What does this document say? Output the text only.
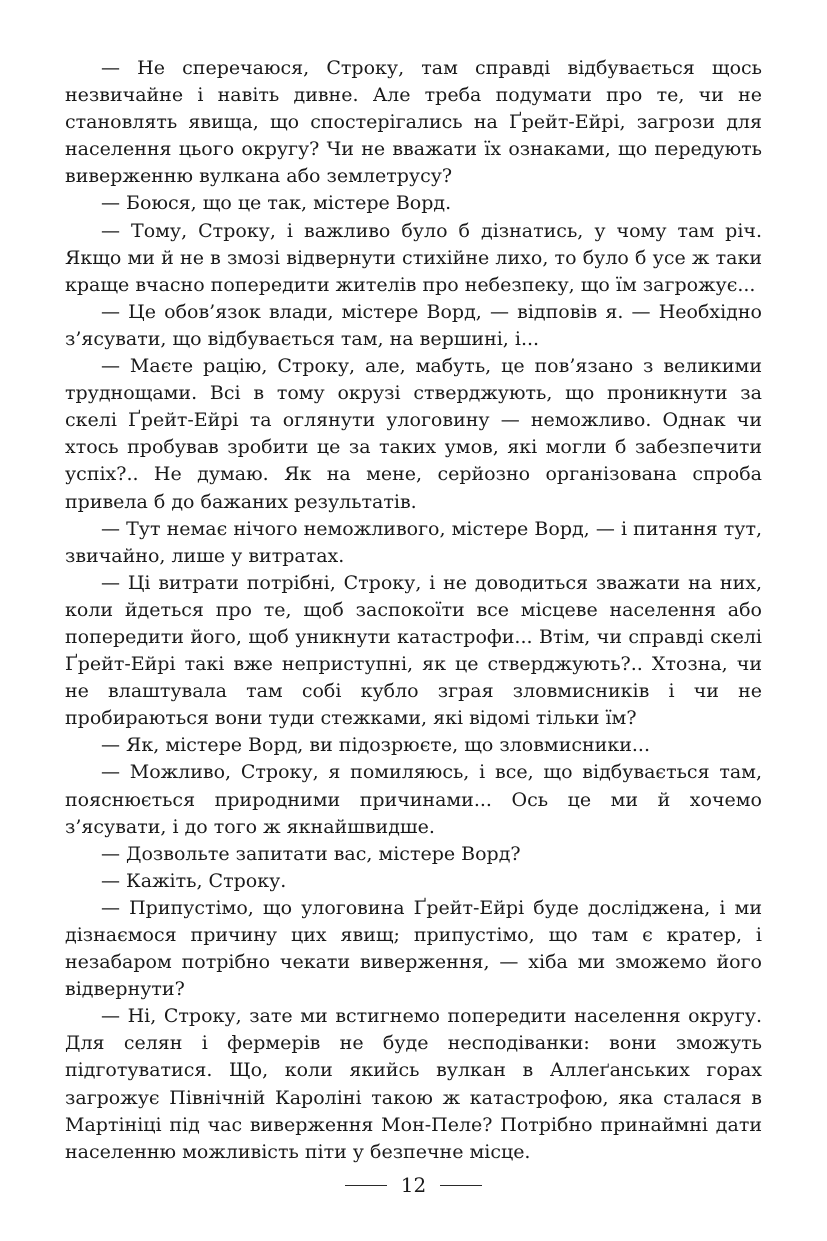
— Не сперечаюся, Строку, там справді відбувається щось незвичайне і навіть дивне. Але треба подумати про те, чи не становлять явища, що спостерігались на Ґрейт-Ейрі, загрози для населення цього округу? Чи не вважати їх ознаками, що передують виверженню вулкана або землетрусу?

— Боюся, що це так, містере Ворд.

— Тому, Строку, і важливо було б дізнатись, у чому там річ. Якщо ми й не в змозі відвернути стихійне лихо, то було б усе ж таки краще вчасно попередити жителів про небезпеку, що їм загрожує...

— Це обов’язок влади, містере Ворд, — відповів я. — Необхідно з’ясувати, що відбувається там, на вершині, і...

— Маєте рацію, Строку, але, мабуть, це пов’язано з великими труднощами. Всі в тому окрузі стверджують, що проникнути за скелі Ґрейт-Ейрі та оглянути улоговину — неможливо. Однак чи хтось пробував зробити це за таких умов, які могли б забезпечити успіх?.. Не думаю. Як на мене, серйозно організована спроба привела б до бажаних результатів.

— Тут немає нічого неможливого, містере Ворд, — і питання тут, звичайно, лише у витратах.

— Ці витрати потрібні, Строку, і не доводиться зважати на них, коли йдеться про те, щоб заспокоїти все місцеве населення або попередити його, щоб уникнути катастрофи... Втім, чи справді скелі Ґрейт-Ейрі такі вже неприступні, як це стверджують?.. Хтозна, чи не влаштувала там собі кубло зграя зловмисників і чи не пробираються вони туди стежками, які відомі тільки їм?

— Як, містере Ворд, ви підозрюєте, що зловмисники...

— Можливо, Строку, я помиляюсь, і все, що відбувається там, пояснюється природними причинами... Ось це ми й хочемо з’ясувати, і до того ж якнайшвидше.

— Дозвольте запитати вас, містере Ворд?

— Кажіть, Строку.

— Припустімо, що улоговина Ґрейт-Ейрі буде досліджена, і ми дізнаємося причину цих явищ; припустімо, що там є кратер, і незабаром потрібно чекати виверження, — хіба ми зможемо його відвернути?

— Ні, Строку, зате ми встигнемо попередити населення округу. Для селян і фермерів не буде несподіванки: вони зможуть підготуватися. Що, коли якийсь вулкан в Аллеґанських горах загрожує Північній Кароліні такою ж катастрофою, яка сталася в Мартініці під час виверження Мон-Пеле? Потрібно принаймні дати населенню можливість піти у безпечне місце.

12
